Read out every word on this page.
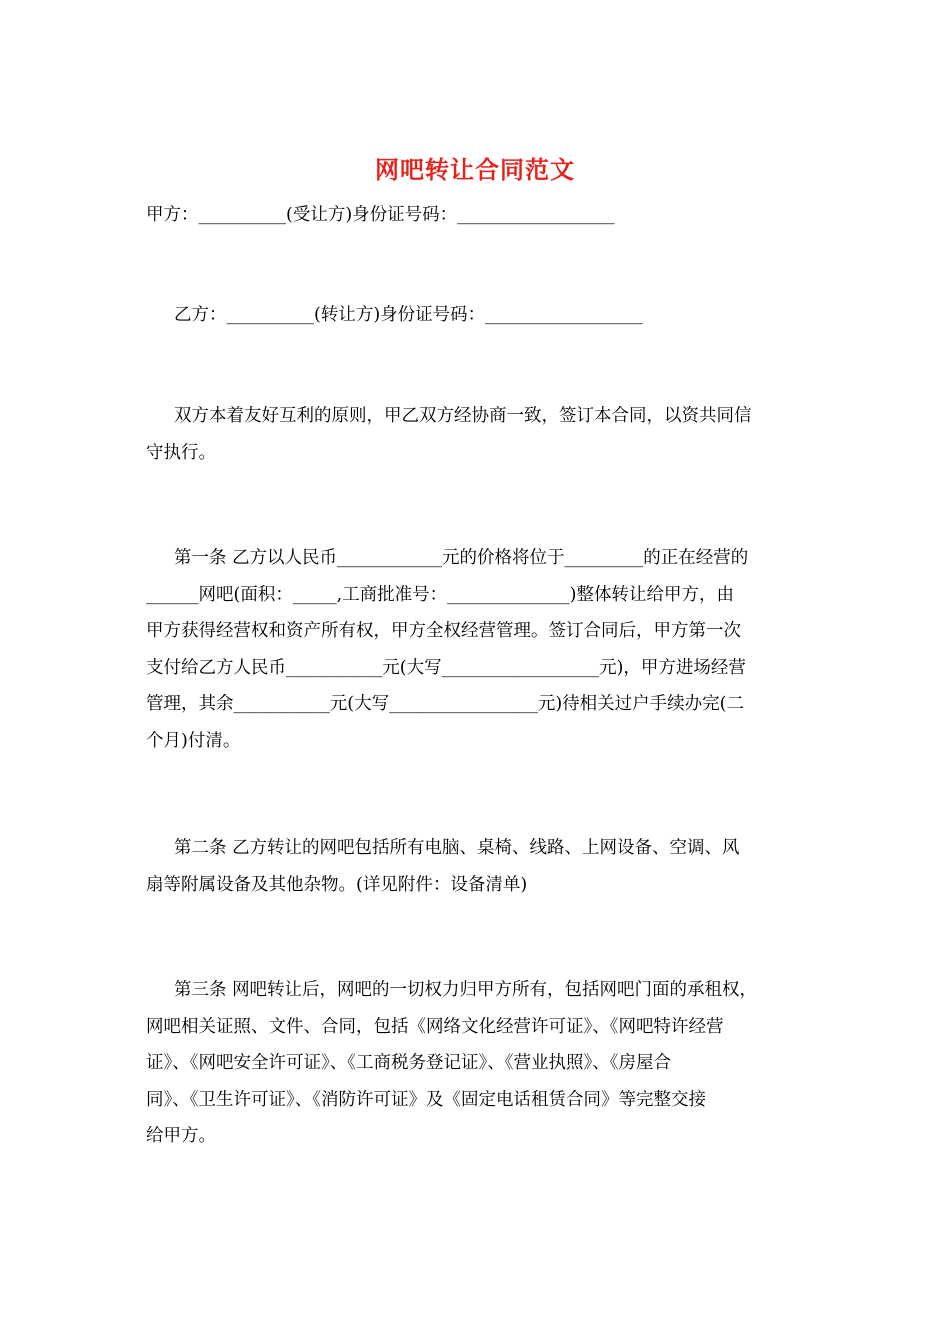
网吧转让合同范文

甲方：__________(受让方)身份证号码：__________________

乙方：__________(转让方)身份证号码：__________________

双方本着友好互利的原则，甲乙双方经协商一致，签订本合同，以资共同信

守执行。

第一条 乙方以人民币____________元的价格将位于_________的正在经营的

______网吧(面积：_____,工商批准号：______________)整体转让给甲方，由

甲方获得经营权和资产所有权，甲方全权经营管理。签订合同后，甲方第一次

支付给乙方人民币___________元(大写__________________元)，甲方进场经营

管理，其余___________元(大写_________________元)待相关过户手续办完(二

个月)付清。

第二条 乙方转让的网吧包括所有电脑、桌椅、线路、上网设备、空调、风

扇等附属设备及其他杂物。(详见附件：设备清单)

第三条 网吧转让后，网吧的一切权力归甲方所有，包括网吧门面的承租权，

网吧相关证照、文件、合同，包括《网络文化经营许可证》、《网吧特许经营

证》、《网吧安全许可证》、《工商税务登记证》、《营业执照》、《房屋合

同》、《卫生许可证》、《消防许可证》及《固定电话租赁合同》等完整交接

给甲方。
